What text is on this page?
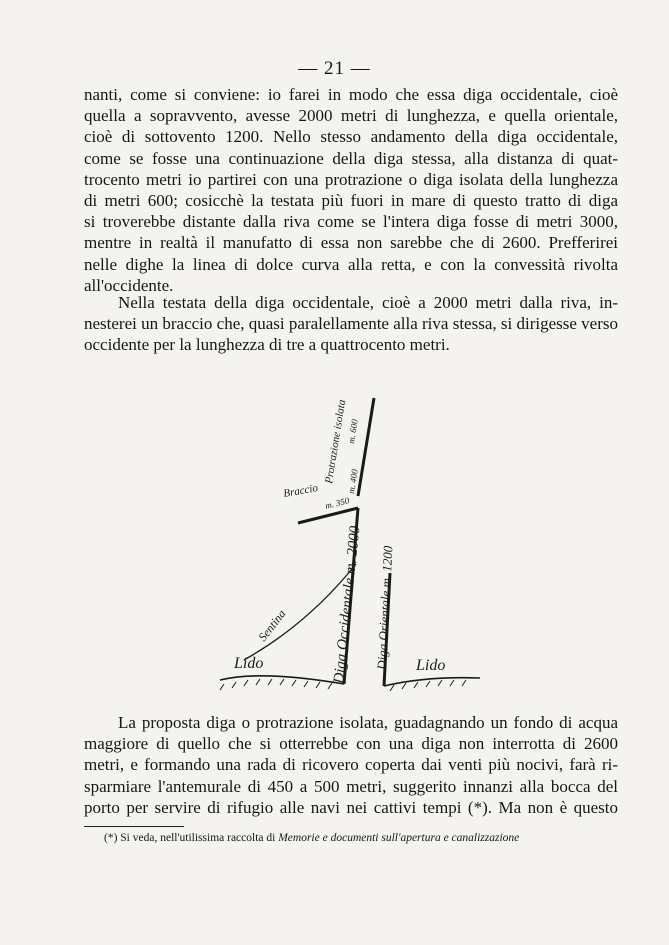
— 21 —
nanti, come si conviene: io farei in modo che essa diga occidentale, cioè
quella a sopravvento, avesse 2000 metri di lunghezza, e quella orientale,
cioè di sottovento 1200. Nello stesso andamento della diga occidentale,
come se fosse una continuazione della diga stessa, alla distanza di quat-
trocento metri io partirei con una protrazione o diga isolata della lunghezza
di metri 600; cosicchè la testata più fuori in mare di questo tratto di diga
si troverebbe distante dalla riva come se l'intera diga fosse di metri 3000,
mentre in realtà il manufatto di essa non sarebbe che di 2600. Prefferirei
nelle dighe la linea di dolce curva alla retta, e con la convessità rivolta
all'occidente.
Nella testata della diga occidentale, cioè a 2000 metri dalla riva, in-
nesterei un braccio che, quasi paralellamente alla riva stessa, si dirigesse verso
occidente per la lunghezza di tre a quattrocento metri.
Protrazione isolata
m. 600
m. 400
Braccio
m. 350
Diga Occidentale m. 2000 Diga Orientale m. 1200
Sentina
Lido	Lido
La proposta diga o protrazione isolata, guadagnando un fondo di acqua
maggiore di quello che si otterrebbe con una diga non interrotta di 2600
metri, e formando una rada di ricovero coperta dai venti più nocivi, farà ri-
sparmiare l'antemurale di 450 a 500 metri, suggerito innanzi alla bocca del
porto per servire di rifugio alle navi nei cattivi tempi (*). Ma non è questo
(*) Si veda, nell'utilissima raccolta di Memorie e documenti sull'apertura e canalizzazione
